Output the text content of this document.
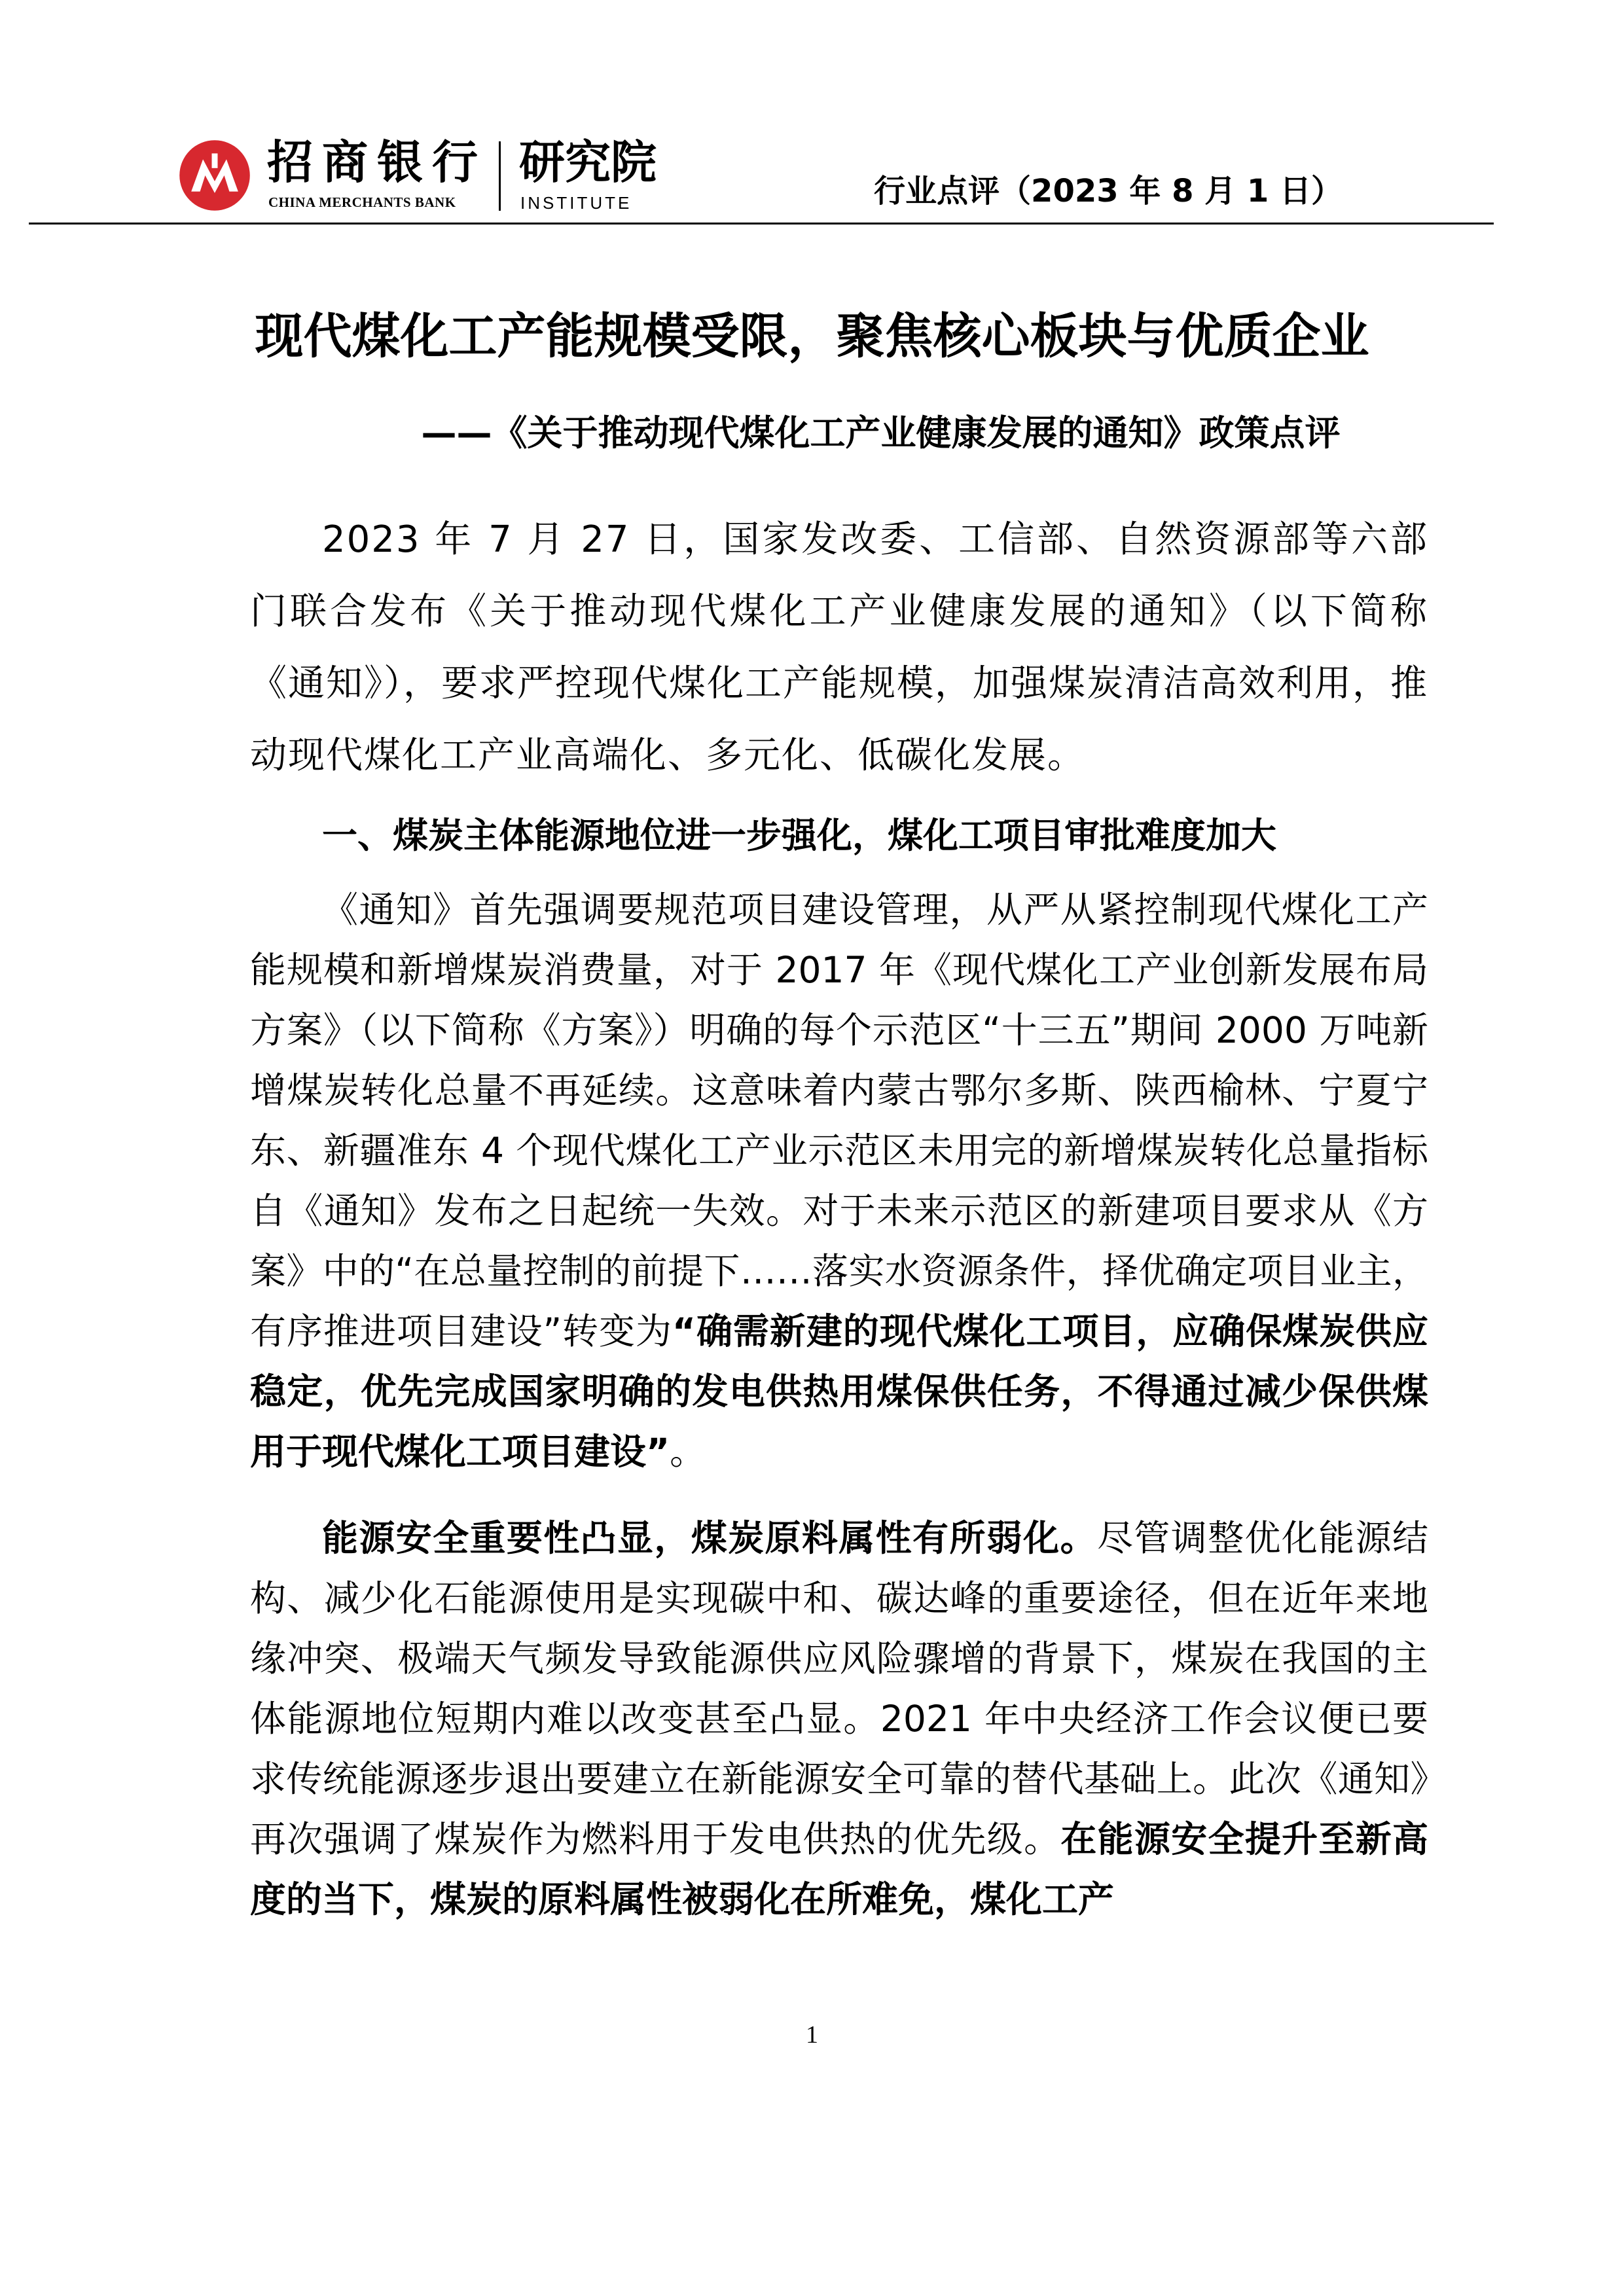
招商银行
CHINA MERCHANTS BANK
研究院
INSTITUTE	行业点评（2023 年 8 月 1 日）
现代煤化工产能规模受限，聚焦核心板块与优质企业
——《关于推动现代煤化工产业健康发展的通知》政策点评

2023 年 7 月 27 日，国家发改委、工信部、自然资源部等六部门联合发布《关于推动现代煤化工产业健康发展的通知》（以下简称《通知》），要求严控现代煤化工产能规模，加强煤炭清洁高效利用，推动现代煤化工产业高端化、多元化、低碳化发展。

一、煤炭主体能源地位进一步强化，煤化工项目审批难度加大

《通知》首先强调要规范项目建设管理，从严从紧控制现代煤化工产能规模和新增煤炭消费量，对于 2017 年《现代煤化工产业创新发展布局方案》（以下简称《方案》）明确的每个示范区“十三五”期间 2000 万吨新增煤炭转化总量不再延续。这意味着内蒙古鄂尔多斯、陕西榆林、宁夏宁东、新疆准东 4 个现代煤化工产业示范区未用完的新增煤炭转化总量指标自《通知》发布之日起统一失效。对于未来示范区的新建项目要求从《方案》中的“在总量控制的前提下……落实水资源条件，择优确定项目业主，有序推进项目建设”转变为“确需新建的现代煤化工项目，应确保煤炭供应稳定，优先完成国家明确的发电供热用煤保供任务，不得通过减少保供煤用于现代煤化工项目建设”。

能源安全重要性凸显，煤炭原料属性有所弱化。尽管调整优化能源结构、减少化石能源使用是实现碳中和、碳达峰的重要途径，但在近年来地缘冲突、极端天气频发导致能源供应风险骤增的背景下，煤炭在我国的主体能源地位短期内难以改变甚至凸显。2021 年中央经济工作会议便已要求传统能源逐步退出要建立在新能源安全可靠的替代基础上。此次《通知》再次强调了煤炭作为燃料用于发电供热的优先级。在能源安全提升至新高度的当下，煤炭的原料属性被弱化在所难免，煤化工产

1
